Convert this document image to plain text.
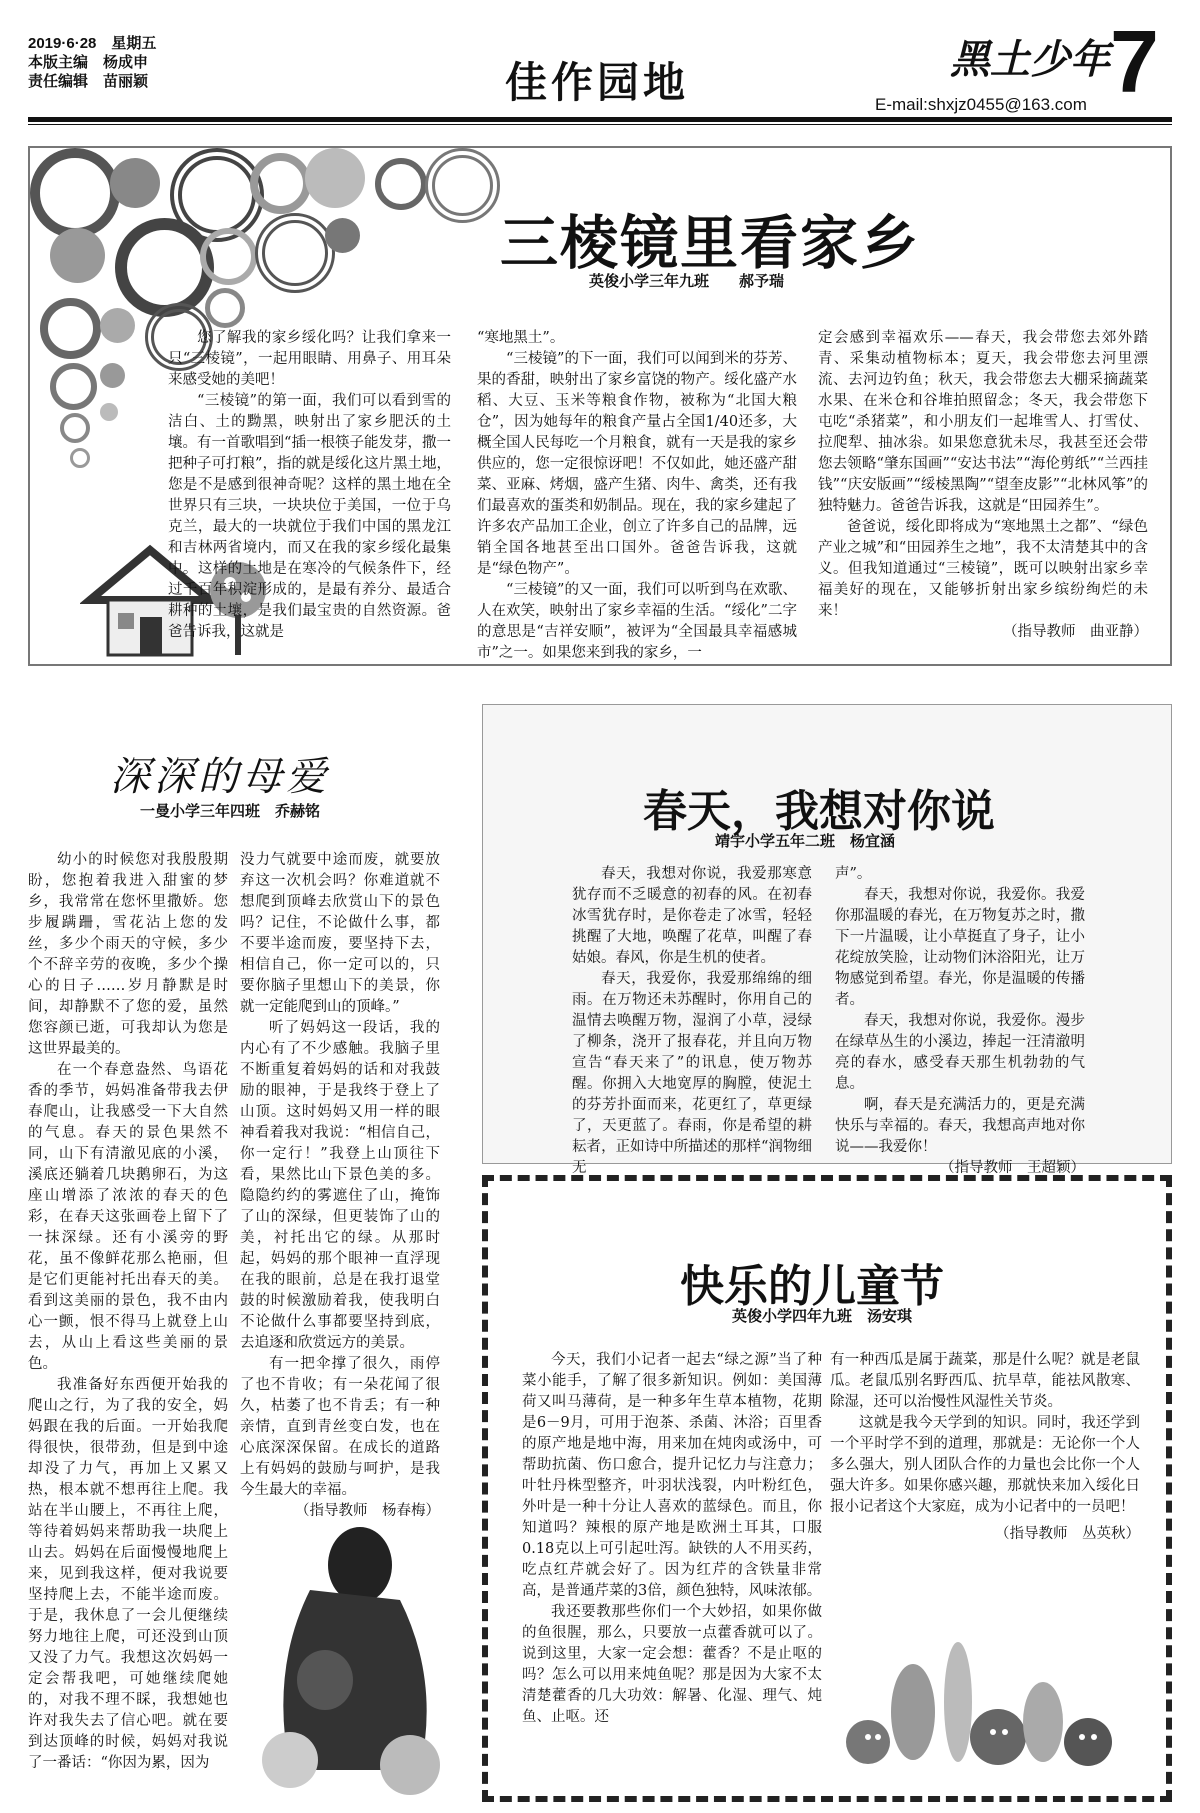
2019·6·28　星期五
本版主编　杨成申
责任编辑　苗丽颖	佳作园地	黑土少年 7
E-mail:shxjz0455@163.com
三棱镜里看家乡
英俊小学三年九班　　郝予瑞

您了解我的家乡绥化吗？让我们拿来一只“三棱镜”，一起用眼睛、用鼻子、用耳朵来感受她的美吧！

“三棱镜”的第一面，我们可以看到雪的洁白、土的黝黑，映射出了家乡肥沃的土壤。有一首歌唱到“插一根筷子能发芽，撒一把种子可打粮”，指的就是绥化这片黑土地，您是不是感到很神奇呢？这样的黑土地在全世界只有三块，一块块位于美国，一位于乌克兰，最大的一块就位于我们中国的黑龙江和吉林两省境内，而又在我的家乡绥化最集中。这样的土地是在寒冷的气候条件下，经过千百年积淀形成的，是最有养分、最适合耕种的土壤，是我们最宝贵的自然资源。爸爸告诉我，这就是

“寒地黑土”。

“三棱镜”的下一面，我们可以闻到米的芬芳、果的香甜，映射出了家乡富饶的物产。绥化盛产水稻、大豆、玉米等粮食作物，被称为“北国大粮仓”，因为她每年的粮食产量占全国1/40还多，大概全国人民每吃一个月粮食，就有一天是我的家乡供应的，您一定很惊讶吧！不仅如此，她还盛产甜菜、亚麻、烤烟，盛产生猪、肉牛、禽类，还有我们最喜欢的蛋类和奶制品。现在，我的家乡建起了许多农产品加工企业，创立了许多自己的品牌，远销全国各地甚至出口国外。爸爸告诉我，这就是“绿色物产”。

“三棱镜”的又一面，我们可以听到鸟在欢歌、人在欢笑，映射出了家乡幸福的生活。“绥化”二字的意思是“吉祥安顺”，被评为“全国最具幸福感城市”之一。如果您来到我的家乡，一

定会感到幸福欢乐——春天，我会带您去郊外踏青、采集动植物标本；夏天，我会带您去河里漂流、去河边钓鱼；秋天，我会带您去大棚采摘蔬菜水果、在米仓和谷堆拍照留念；冬天，我会带您下屯吃“杀猪菜”，和小朋友们一起堆雪人、打雪仗、拉爬犁、抽冰尜。如果您意犹未尽，我甚至还会带您去领略“肇东国画”“安达书法”“海伦剪纸”“兰西挂钱”“庆安版画”“绥棱黑陶”“望奎皮影”“北林风筝”的独特魅力。爸爸告诉我，这就是“田园养生”。

爸爸说，绥化即将成为“寒地黑土之都”、“绿色产业之城”和“田园养生之地”，我不太清楚其中的含义。但我知道通过“三棱镜”，既可以映射出家乡幸福美好的现在，又能够折射出家乡缤纷绚烂的未来！

（指导教师　曲亚静）
深深的母爱
一曼小学三年四班　乔赫铭

幼小的时候您对我殷殷期盼，您抱着我进入甜蜜的梦乡，我常常在您怀里撒娇。您步履蹒跚，雪花沾上您的发丝，多少个雨天的守候，多少个不辞辛劳的夜晚，多少个操心的日子……岁月静默是时间，却静默不了您的爱，虽然您容颜已逝，可我却认为您是这世界最美的。

在一个春意盎然、鸟语花香的季节，妈妈准备带我去伊春爬山，让我感受一下大自然的气息。春天的景色果然不同，山下有清澈见底的小溪，溪底还躺着几块鹅卵石，为这座山增添了浓浓的春天的色彩，在春天这张画卷上留下了一抹深绿。还有小溪旁的野花，虽不像鲜花那么艳丽，但是它们更能衬托出春天的美。看到这美丽的景色，我不由内心一颤，恨不得马上就登上山去，从山上看这些美丽的景色。

我准备好东西便开始我的爬山之行，为了我的安全，妈妈跟在我的后面。一开始我爬得很快，很带劲，但是到中途却没了力气，再加上又累又热，根本就不想再往上爬。我站在半山腰上，不再往上爬，等待着妈妈来帮助我一块爬上山去。妈妈在后面慢慢地爬上来，见到我这样，便对我说要坚持爬上去，不能半途而废。于是，我休息了一会儿便继续努力地往上爬，可还没到山顶又没了力气。我想这次妈妈一定会帮我吧，可她继续爬她的，对我不理不睬，我想她也许对我失去了信心吧。就在要到达顶峰的时候，妈妈对我说了一番话：“你因为累，因为

没力气就要中途而废，就要放弃这一次机会吗？你难道就不想爬到顶峰去欣赏山下的景色吗？记住，不论做什么事，都不要半途而废，要坚持下去，相信自己，你一定可以的，只要你脑子里想山下的美景，你就一定能爬到山的顶峰。”

听了妈妈这一段话，我的内心有了不少感触。我脑子里不断重复着妈妈的话和对我鼓励的眼神，于是我终于登上了山顶。这时妈妈又用一样的眼神看着我对我说：“相信自己，你一定行！”我登上山顶往下看，果然比山下景色美的多。隐隐约约的雾遮住了山，掩饰了山的深绿，但更装饰了山的美，衬托出它的绿。从那时起，妈妈的那个眼神一直浮现在我的眼前，总是在我打退堂鼓的时候激励着我，使我明白不论做什么事都要坚持到底，去追逐和欣赏远方的美景。

有一把伞撑了很久，雨停了也不肯收；有一朵花闻了很久，枯萎了也不肯丢；有一种亲情，直到青丝变白发，也在心底深深保留。在成长的道路上有妈妈的鼓励与呵护，是我今生最大的幸福。

（指导教师　杨春梅）
春天，我想对你说
靖宇小学五年二班　杨宜涵

春天，我想对你说，我爱那寒意犹存而不乏暖意的初春的风。在初春冰雪犹存时，是你卷走了冰雪，轻轻挑醒了大地，唤醒了花草，叫醒了春姑娘。春风，你是生机的使者。

春天，我爱你，我爱那绵绵的细雨。在万物还未苏醒时，你用自己的温情去唤醒万物，湿润了小草，浸绿了柳条，浇开了报春花，并且向万物宣告“春天来了”的讯息，使万物苏醒。你拥入大地宽厚的胸膛，使泥土的芬芳扑面而来，花更红了，草更绿了，天更蓝了。春雨，你是希望的耕耘者，正如诗中所描述的那样“润物细无

声”。

春天，我想对你说，我爱你。我爱你那温暖的春光，在万物复苏之时，撒下一片温暖，让小草挺直了身子，让小花绽放笑脸，让动物们沐浴阳光，让万物感觉到希望。春光，你是温暖的传播者。

春天，我想对你说，我爱你。漫步在绿草丛生的小溪边，捧起一汪清澈明亮的春水，感受春天那生机勃勃的气息。

啊，春天是充满活力的，更是充满快乐与幸福的。春天，我想高声地对你说——我爱你！

（指导教师　王超颖）
快乐的儿童节
英俊小学四年九班　汤安琪

今天，我们小记者一起去“绿之源”当了种菜小能手，了解了很多新知识。例如：美国薄荷又叫马薄荷，是一种多年生草本植物，花期是6－9月，可用于泡茶、杀菌、沐浴；百里香的原产地是地中海，用来加在炖肉或汤中，可帮助抗菌、伤口愈合，提升记忆力与注意力；叶牡丹株型整齐，叶羽状浅裂，内叶粉红色，外叶是一种十分让人喜欢的蓝绿色。而且，你知道吗？辣根的原产地是欧洲土耳其，口服0.18克以上可引起吐泻。缺铁的人不用买药，吃点红芹就会好了。因为红芹的含铁量非常高，是普通芹菜的3倍，颜色独特，风味浓郁。

我还要教那些你们一个大妙招，如果你做的鱼很腥，那么，只要放一点藿香就可以了。说到这里，大家一定会想：藿香？不是止呕的吗？怎么可以用来炖鱼呢？那是因为大家不太清楚藿香的几大功效：解暑、化湿、理气、炖鱼、止呕。还

有一种西瓜是属于蔬菜，那是什么呢？就是老鼠瓜。老鼠瓜别名野西瓜、抗旱草，能祛风散寒、除湿，还可以治慢性风湿性关节炎。

这就是我今天学到的知识。同时，我还学到一个平时学不到的道理，那就是：无论你一个人多么强大，别人团队合作的力量也会比你一个人强大许多。如果你感兴趣，那就快来加入绥化日报小记者这个大家庭，成为小记者中的一员吧！

（指导教师　丛英秋）
